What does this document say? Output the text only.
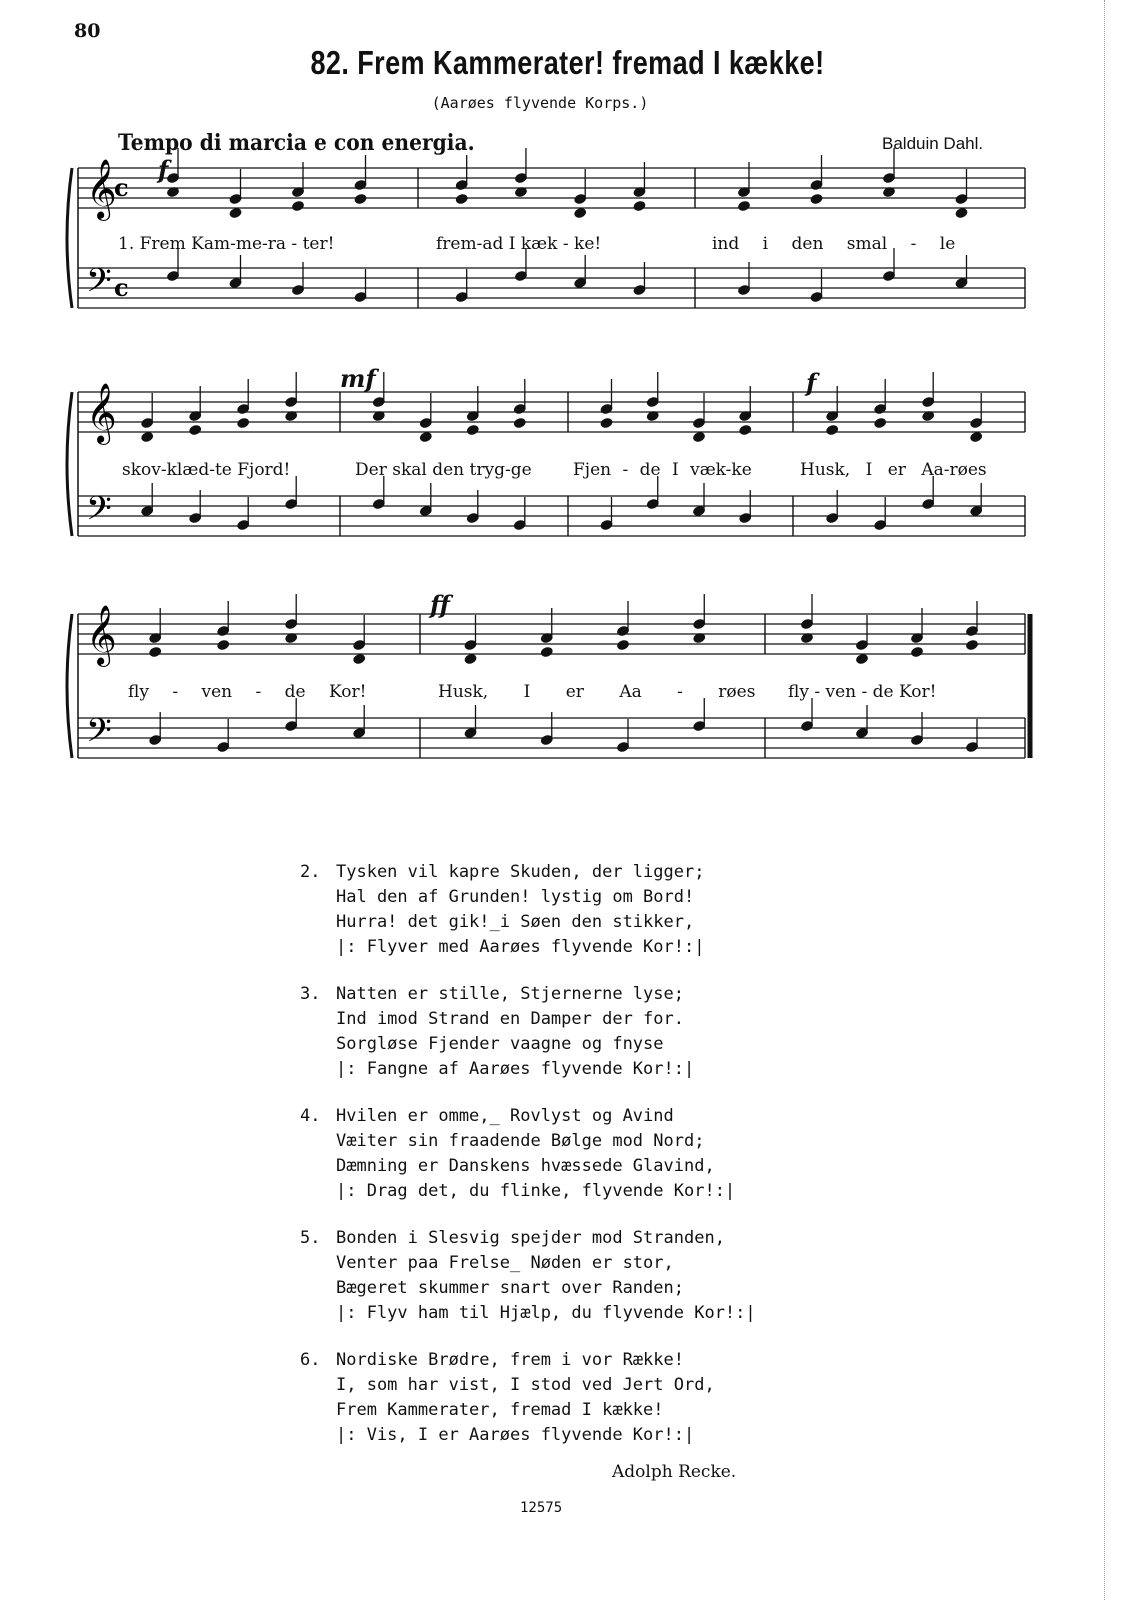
80
82. Frem Kammerater! fremad I kække!
(Aarøes flyvende Korps.)
Tempo di marcia e con energia.	Balduin Dahl.
𝄞
𝄢
c
c
𝄞
𝄢
𝄞
𝄢
f
mf	f
ff
1. Frem Kam-me-ra - ter!	frem-ad I kæk - ke!	ind i den smal - le
skov-klæd-te Fjord!	Der skal den tryg-ge Fjen - de I væk-ke	Husk, I er Aa-røes
fly - ven - de Kor!	Husk, I er Aa - røes fly - ven - de Kor!
2. Tysken vil kapre Skuden, der ligger;
Hal den af Grunden! lystig om Bord!
Hurra! det gik!_i Søen den stikker,
|: Flyver med Aarøes flyvende Kor!:|
3. Natten er stille, Stjernerne lyse;
Ind imod Strand en Damper der for.
Sorgløse Fjender vaagne og fnyse
|: Fangne af Aarøes flyvende Kor!:|
4. Hvilen er omme,_ Rovlyst og Avind
Væiter sin fraadende Bølge mod Nord;
Dæmning er Danskens hvæssede Glavind,
|: Drag det, du flinke, flyvende Kor!:|
5. Bonden i Slesvig spejder mod Stranden,
Venter paa Frelse_ Nøden er stor,
Bægeret skummer snart over Randen;
|: Flyv ham til Hjælp, du flyvende Kor!:|
6. Nordiske Brødre, frem i vor Række!
I, som har vist, I stod ved Jert Ord,
Frem Kammerater, fremad I kække!
|: Vis, I er Aarøes flyvende Kor!:|
Adolph Recke.
12575
